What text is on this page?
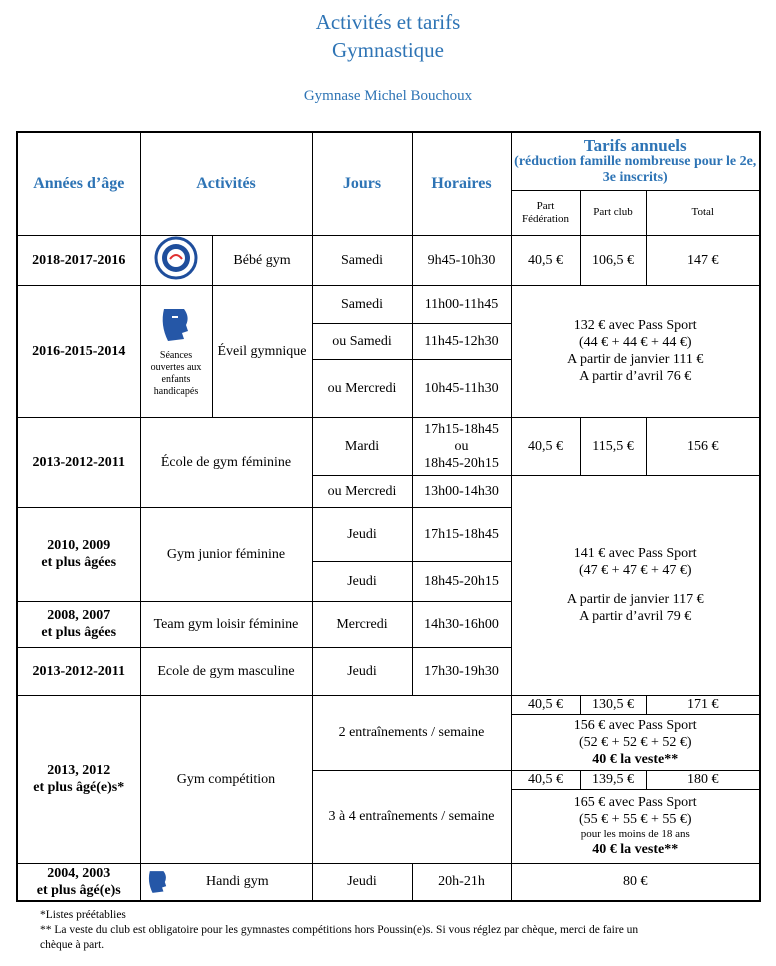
Activités et tarifs
Gymnastique
Gymnase Michel Bouchoux
Années d’âge	Activités		Jours	Horaires	Tarifs annuels
(réduction famille nombreuse pour le 2e, 3e inscrits)		

					Part Fédération	Part club	Total
2018-2017-2016		Bébé gym	Samedi	9h45-10h30	40,5 €	106,5 €	147 €
2016-2015-2014	Séances ouvertes aux enfants handicapés	Éveil gymnique	Samedi	11h00-11h45	132 € avec Pass Sport
(44 € + 44 € + 44 €)
A partir de janvier 111 €
A partir d’avril 76 €		

			ou Samedi	11h45-12h30			
			ou Mercredi	10h45-11h30			
2013-2012-2011	École de gym féminine		Mardi	17h15-18h45
ou
18h45-20h15	40,5 €	115,5 €	156 €
			ou Mercredi	13h00-14h30	141 € avec Pass Sport
(47 € + 47 € + 47 €)
A partir de janvier 117 €
A partir d’avril 79 €		

2010, 2009
et plus âgées	Gym junior féminine		Jeudi	17h15-18h45			
			Jeudi	18h45-20h15			

2008, 2007
et plus âgées	Team gym loisir féminine		Mercredi	14h30-16h00			
2013-2012-2011	Ecole de gym masculine		Jeudi	17h30-19h30			

2013, 2012
et plus âgé(e)s*	Gym compétition		2 entraînements / semaine		40,5 €	130,5 €	171 €

					156 € avec Pass Sport
(52 € + 52 € + 52 €)
40 € la veste**		

			3 à 4 entraînements / semaine		40,5 €	139,5 €	180 €

					165 € avec Pass Sport
(55 € + 55 € + 55 €)
pour les moins de 18 ans
40 € la veste**		

2004, 2003
et plus âgé(e)s	Handi gym		Jeudi	20h-21h	80 €		
*Listes préétablies
** La veste du club est obligatoire pour les gymnastes compétitions hors Poussin(e)s. Si vous réglez par chèque, merci de faire un
chèque à part.
